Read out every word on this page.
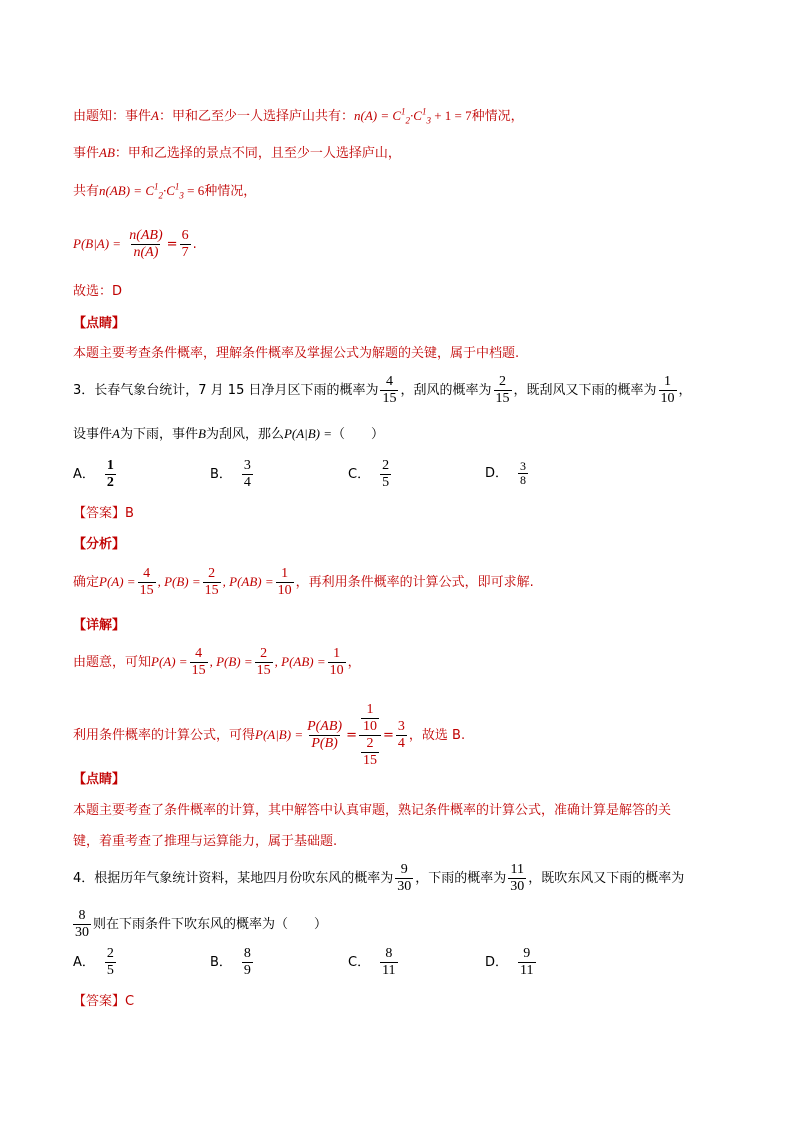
由题知：事件A：甲和乙至少一人选择庐山共有：$n(A) = C^1_2\cdot C^1_3 + 1 = 7$种情况，
事件AB：甲和乙选择的景点不同，且至少一人选择庐山，
共有$n(AB) = C^1_2\cdot C^1_3 = 6$种情况，
$P(B|A) = \frac{n(AB)}{n(A)} = \frac{6}{7}$ .
故选：D
【点睛】
本题主要考查条件概率，理解条件概率及掌握公式为解题的关键，属于中档题.
3．长春气象台统计，7 月 15 日净月区下雨的概率为 $\frac{4}{15}$ ，刮风的概率为 $\frac{2}{15}$ ，既刮风又下雨的概率为 $\frac{1}{10}$ ，
设事件A为下雨，事件B为刮风，那么P(A|B) =（　　）
A． $\frac{1}{2}$	B． $\frac{3}{4}$	C． $\frac{2}{5}$	D． $\frac{3}{8}$
【答案】B
【分析】
确定$P(A) = \frac{4}{15}$ , $P(B) = \frac{2}{15}$ , $P(AB) = \frac{1}{10}$ ，再利用条件概率的计算公式，即可求解.
【详解】
由题意，可知$P(A) = \frac{4}{15}$ , $P(B) = \frac{2}{15}$ , $P(AB) = \frac{1}{10}$ ，
利用条件概率的计算公式，可得$P(A|B) = \frac{P(AB)}{P(B)} = \frac{\frac{1}{10}}{\frac{2}{15}} = \frac{3}{4}$ ，故选 B.
【点睛】
本题主要考查了条件概率的计算，其中解答中认真审题，熟记条件概率的计算公式，准确计算是解答的关
键，着重考查了推理与运算能力，属于基础题.
4．根据历年气象统计资料，某地四月份吹东风的概率为 $\frac{9}{30}$ ，下雨的概率为 $\frac{11}{30}$ ，既吹东风又下雨的概率为
$\frac{8}{30}$ 则在下雨条件下吹东风的概率为（　　）
A． $\frac{2}{5}$	B． $\frac{8}{9}$	C． $\frac{8}{11}$	D． $\frac{9}{11}$
【答案】C
